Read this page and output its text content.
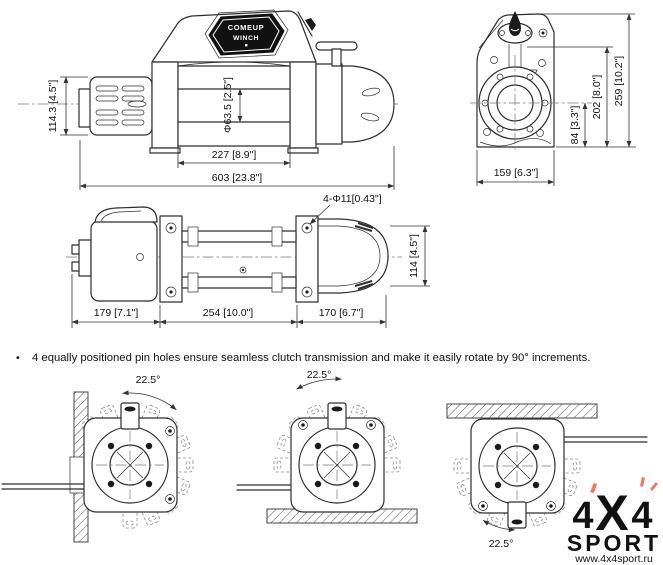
COMEUP
WINCH
114.3 [4.5"]	Φ63.5 [2.5"]
227 [8.9"]
603 [23.8"]
84 [3.3"]
202 [8.0"] 259 [10.2"]
159 [6.3"]
4-Φ11[0.43"]
179 [7.1"]	254 [10.0"]	170 [6.7"]
114 [4.5"]
• 4 equally positioned pin holes ensure seamless clutch transmission and make it easily rotate by 90° increments.
22.5°	22.5°
22.5°
4 X 4
SPORT
www.4x4sport.ru
